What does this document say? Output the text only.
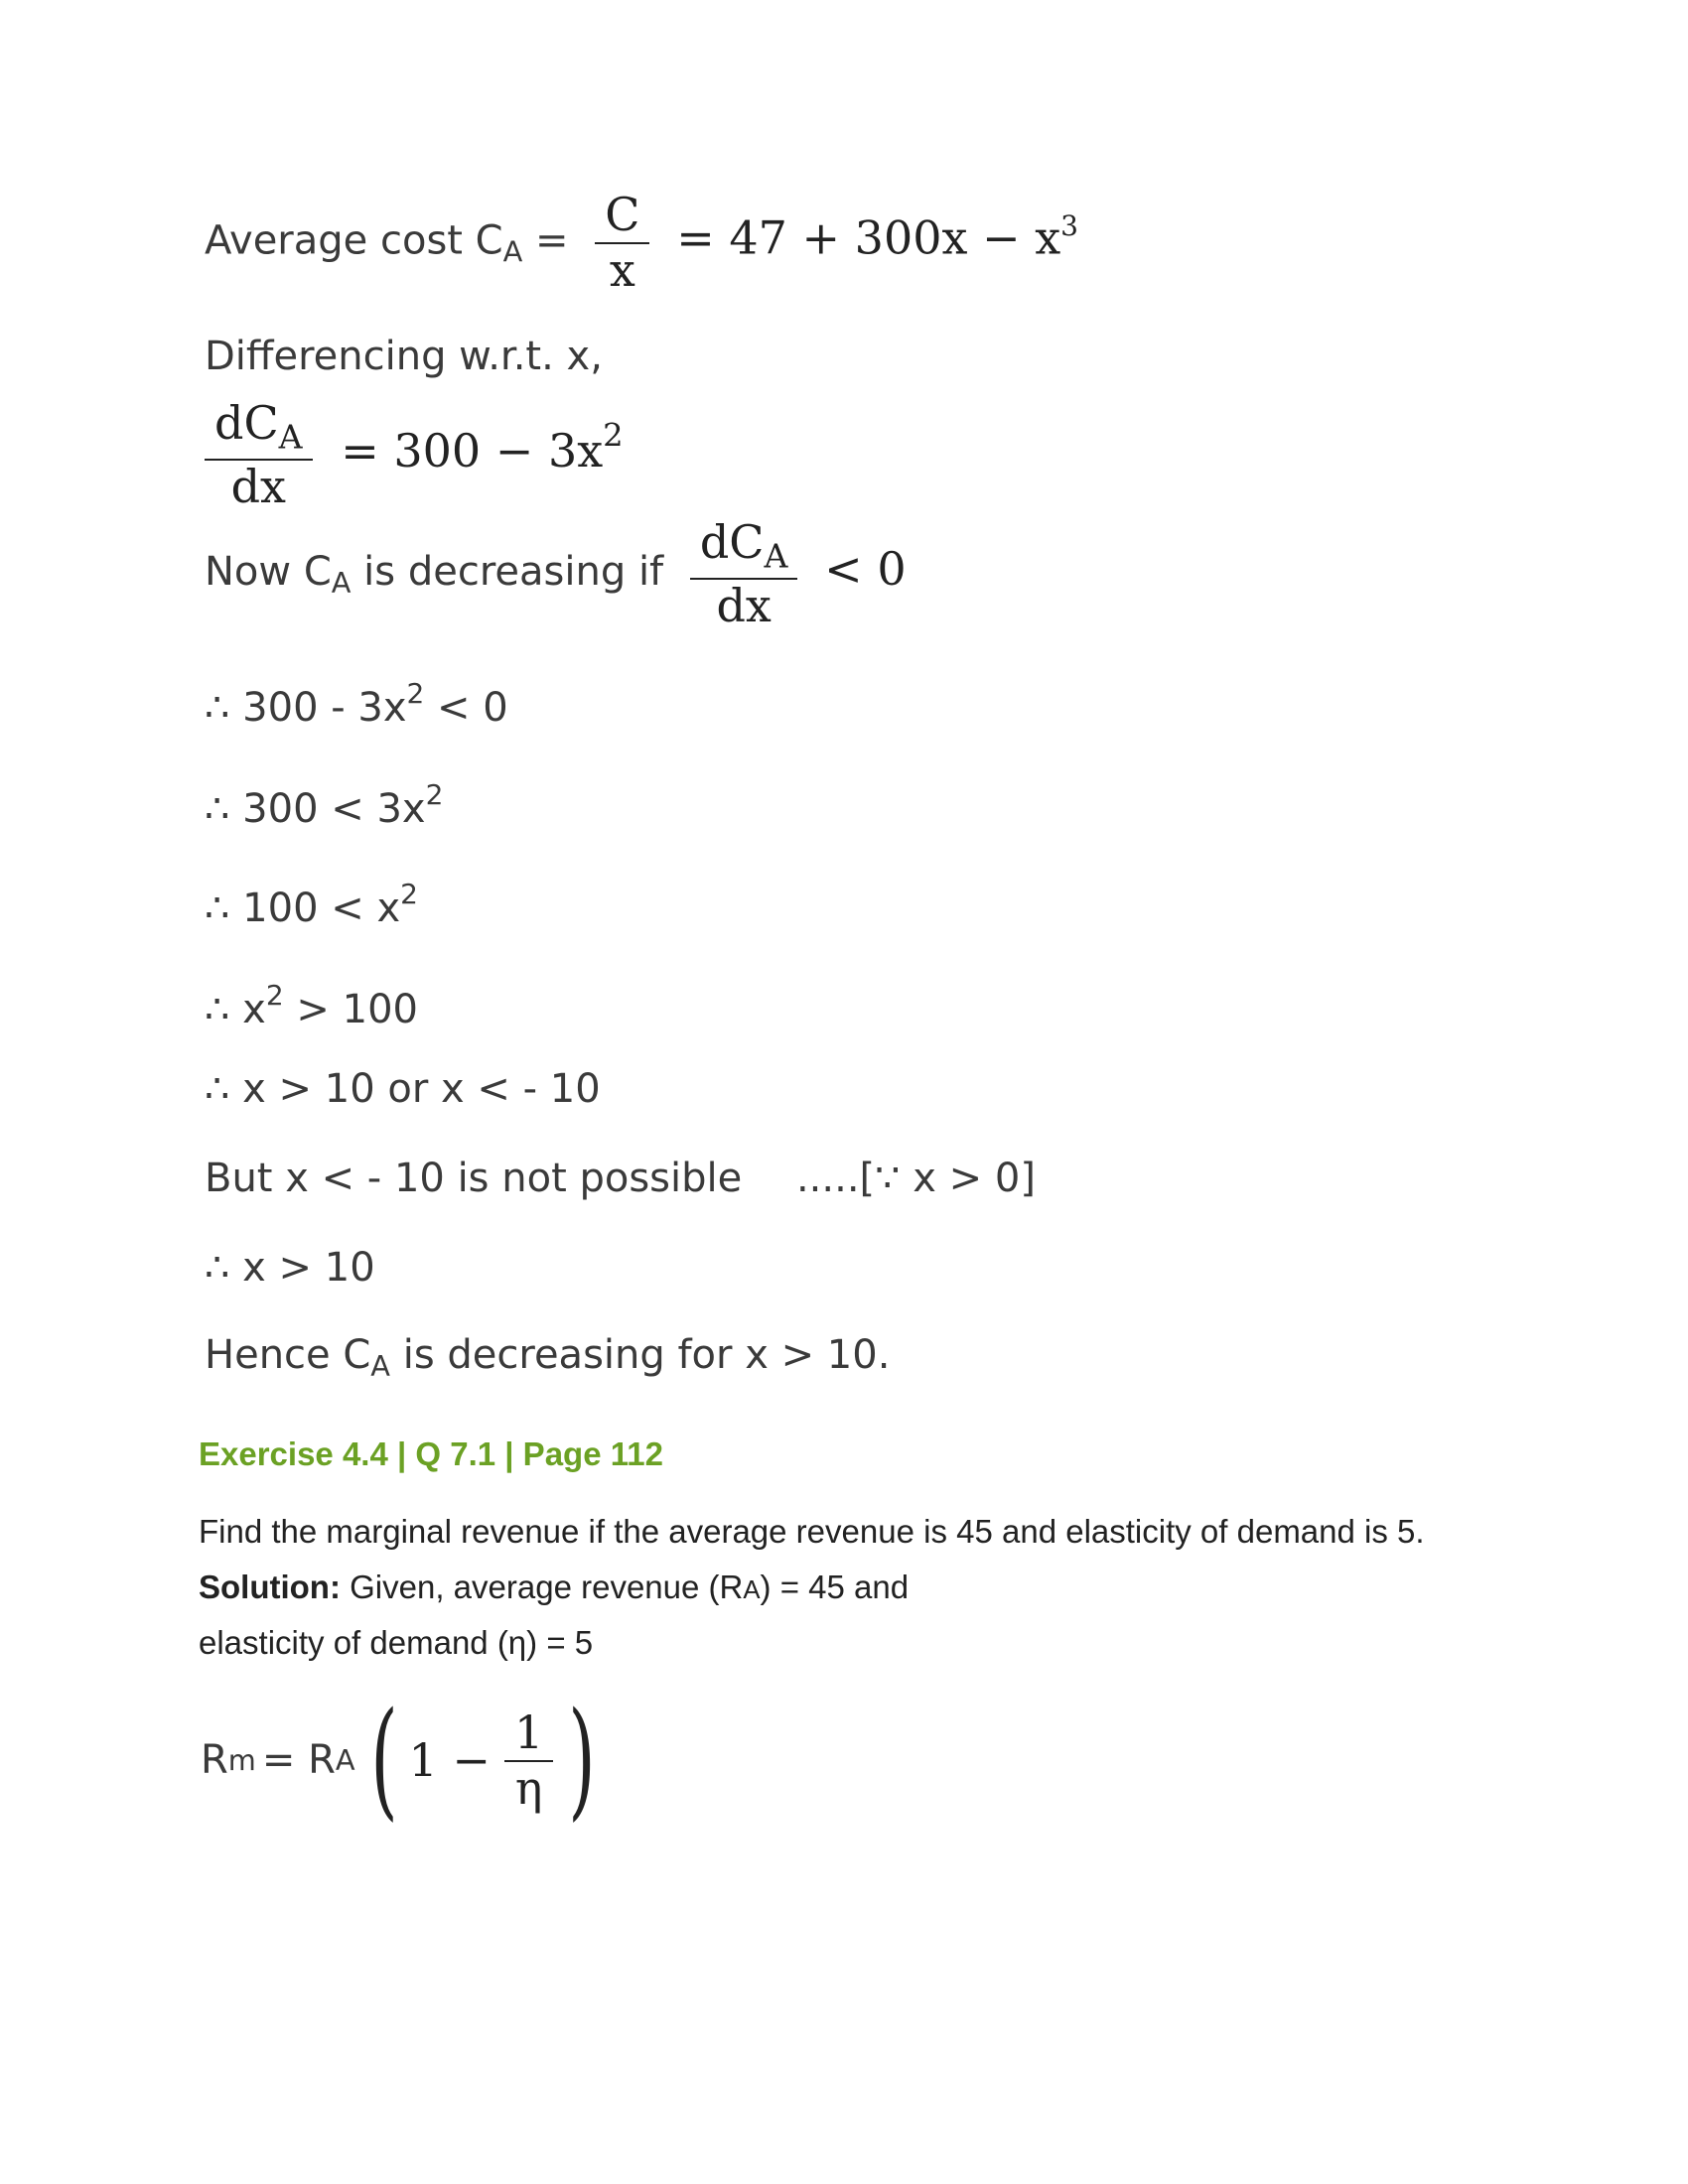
Average cost $C_A = \frac{C}{x} = 47 + 300x - x^3$
Differencing w.r.t. x,
$\frac{dC_A}{dx} = 300 - 3x^2$
Now $C_A$ is decreasing if $\frac{dC_A}{dx} < 0$
∴ $300 - 3x^2 < 0$
∴ $300 < 3x^2$
∴ $100 < x^2$
∴ $x^2 > 100$
∴ x > 10 or x < - 10
But x < - 10 is not possible .....[∵ x > 0]
∴ x > 10
Hence $C_A$ is decreasing for x > 10.
Exercise 4.4 | Q 7.1 | Page 112
Find the marginal revenue if the average revenue is 45 and elasticity of demand is 5.
Solution: Given, average revenue (RA) = 45 and
elasticity of demand (η) = 5
R m = R A ( $1 - \frac{1}{\eta}$ )
